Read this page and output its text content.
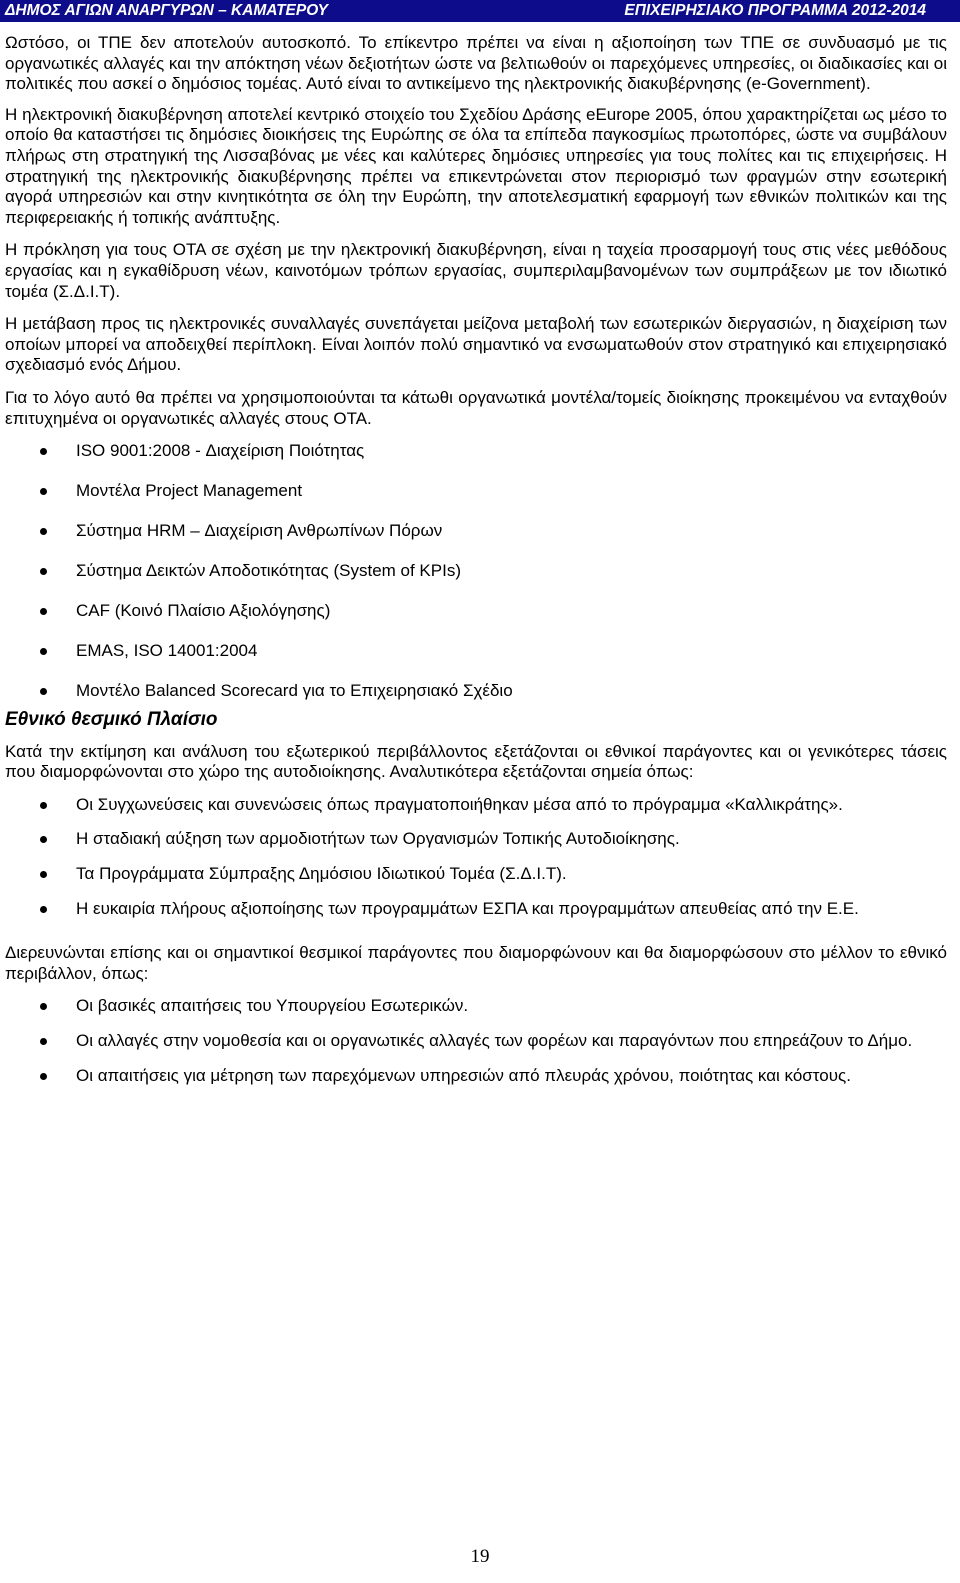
ΔΗΜΟΣ ΑΓΙΩΝ ΑΝΑΡΓΥΡΩΝ – ΚΑΜΑΤΕΡΟΥ	ΕΠΙΧΕΙΡΗΣΙΑΚΟ ΠΡΟΓΡΑΜΜΑ 2012-2014

Ωστόσο, οι ΤΠΕ δεν αποτελούν αυτοσκοπό. Το επίκεντρο πρέπει να είναι η αξιοποίηση των ΤΠΕ σε συνδυασμό με τις οργανωτικές αλλαγές και την απόκτηση νέων δεξιοτήτων ώστε να βελτιωθούν οι παρεχόμενες υπηρεσίες, οι διαδικασίες και οι πολιτικές που ασκεί ο δημόσιος τομέας. Αυτό είναι το αντικείμενο της ηλεκτρονικής διακυβέρνησης (e-Government).

Η ηλεκτρονική διακυβέρνηση αποτελεί κεντρικό στοιχείο του Σχεδίου Δράσης eEurope 2005, όπου χαρακτηρίζεται ως μέσο το οποίο θα καταστήσει τις δημόσιες διοικήσεις της Ευρώπης σε όλα τα επίπεδα παγκοσμίως πρωτοπόρες, ώστε να συμβάλουν πλήρως στη στρατηγική της Λισσαβόνας με νέες και καλύτερες δημόσιες υπηρεσίες για τους πολίτες και τις επιχειρήσεις. Η στρατηγική της ηλεκτρονικής διακυβέρνησης πρέπει να επικεντρώνεται στον περιορισμό των φραγμών στην εσωτερική αγορά υπηρεσιών και στην κινητικότητα σε όλη την Ευρώπη, την αποτελεσματική εφαρμογή των εθνικών πολιτικών και της περιφερειακής ή τοπικής ανάπτυξης.

Η πρόκληση για τους ΟΤΑ σε σχέση με την ηλεκτρονική διακυβέρνηση, είναι η ταχεία προσαρμογή τους στις νέες μεθόδους εργασίας και η εγκαθίδρυση νέων, καινοτόμων τρόπων εργασίας, συμπεριλαμβανομένων των συμπράξεων με τον ιδιωτικό τομέα (Σ.Δ.Ι.Τ).

Η μετάβαση προς τις ηλεκτρονικές συναλλαγές συνεπάγεται μείζονα μεταβολή των εσωτερικών διεργασιών, η διαχείριση των οποίων μπορεί να αποδειχθεί περίπλοκη. Είναι λοιπόν πολύ σημαντικό να ενσωματωθούν στον στρατηγικό και επιχειρησιακό σχεδιασμό ενός Δήμου.

Για το λόγο αυτό θα πρέπει να χρησιμοποιούνται τα κάτωθι οργανωτικά μοντέλα/τομείς διοίκησης προκειμένου να ενταχθούν επιτυχημένα οι οργανωτικές αλλαγές στους ΟΤΑ.

ISO 9001:2008 - Διαχείριση Ποιότητας
Μοντέλα Project Management
Σύστημα HRM – Διαχείριση Ανθρωπίνων Πόρων
Σύστημα Δεικτών Αποδοτικότητας (System of KPIs)
CAF (Κοινό Πλαίσιο Αξιολόγησης)
EMAS, ISO 14001:2004
Μοντέλο Balanced Scorecard για το Επιχειρησιακό Σχέδιο
Εθνικό θεσμικό Πλαίσιο

Κατά την εκτίμηση και ανάλυση του εξωτερικού περιβάλλοντος εξετάζονται οι εθνικοί παράγοντες και οι γενικότερες τάσεις που διαμορφώνονται στο χώρο της αυτοδιοίκησης. Αναλυτικότερα εξετάζονται σημεία όπως:

Οι Συγχωνεύσεις και συνενώσεις όπως πραγματοποιήθηκαν μέσα από το πρόγραμμα «Καλλικράτης».
Η σταδιακή αύξηση των αρμοδιοτήτων των Οργανισμών Τοπικής Αυτοδιοίκησης.
Τα Προγράμματα Σύμπραξης Δημόσιου Ιδιωτικού Τομέα (Σ.Δ.Ι.Τ).
Η ευκαιρία πλήρους αξιοποίησης των προγραμμάτων ΕΣΠΑ και προγραμμάτων απευθείας από την Ε.Ε.

Διερευνώνται επίσης και οι σημαντικοί θεσμικοί παράγοντες που διαμορφώνουν και θα διαμορφώσουν στο μέλλον το εθνικό περιβάλλον, όπως:

Οι βασικές απαιτήσεις του Υπουργείου Εσωτερικών.
Οι αλλαγές στην νομοθεσία και οι οργανωτικές αλλαγές των φορέων και παραγόντων που επηρεάζουν το Δήμο.
Οι απαιτήσεις για μέτρηση των παρεχόμενων υπηρεσιών από πλευράς χρόνου, ποιότητας και κόστους.
19
